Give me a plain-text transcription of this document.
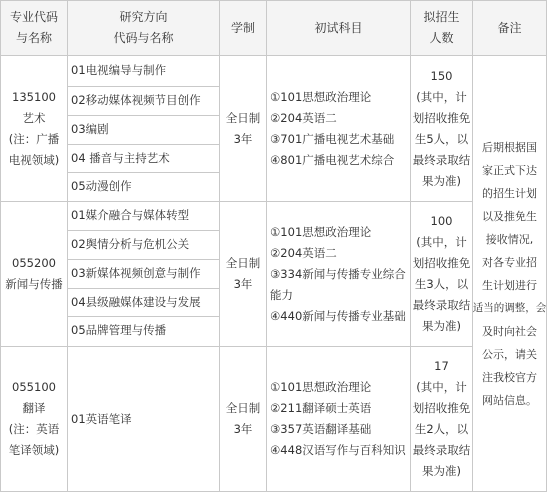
专业代码
与名称
研究方向
代码与名称
学制	初试科目
拟招生
人数
备注
135100
艺术
(注：广播
电视领域)
01电视编导与制作
02移动媒体视频节目创作
03编剧
04 播音与主持艺术
05动漫创作
全日制
3年
①101思想政治理论
②204英语二
③701广播电视艺术基础
④801广播电视艺术综合
150
(其中，计
划招收推免
生5人，以
最终录取结
果为准)
055200
新闻与传播
01媒介融合与媒体转型
02舆情分析与危机公关
03新媒体视频创意与制作
04县级融媒体建设与发展
05品牌管理与传播
全日制
3年
①101思想政治理论
②204英语二
③334新闻与传播专业综合
能力
④440新闻与传播专业基础
100
(其中，计
划招收推免
生3人，以
最终录取结
果为准)
055100
翻译
(注：英语
笔译领域)
01英语笔译
全日制
3年
①101思想政治理论
②211翻译硕士英语
③357英语翻译基础
④448汉语写作与百科知识
17
(其中，计
划招收推免
生2人，以
最终录取结
果为准)
后期根据国
家正式下达
的招生计划
以及推免生
接收情况,
对各专业招
生计划进行
适当的调整，会
及时向社会
公示，请关
注我校官方
网站信息。
